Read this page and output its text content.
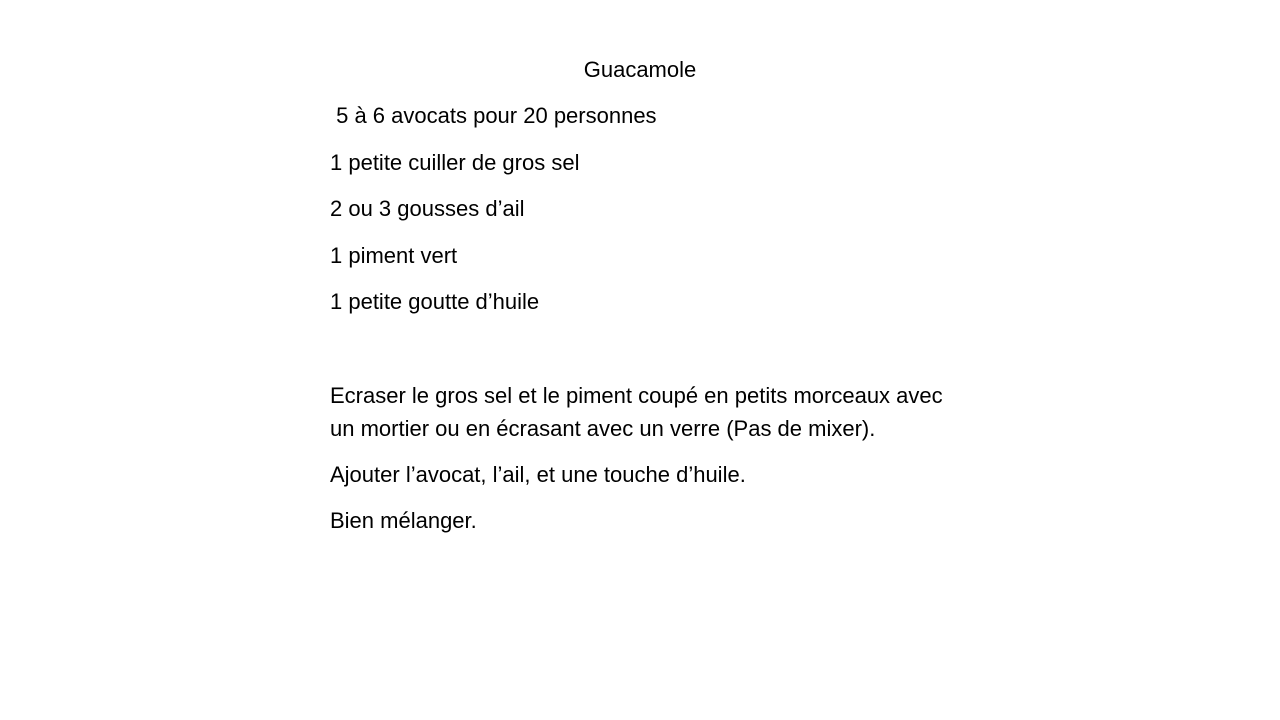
Guacamole
5 à 6 avocats pour 20 personnes
1 petite cuiller de gros sel
2 ou 3 gousses d’ail
1 piment vert
1 petite goutte d’huile

Ecraser le gros sel et le piment coupé en petits morceaux avec un mortier ou en écrasant avec un verre (Pas de mixer).

Ajouter l’avocat, l’ail, et une touche d’huile.

Bien mélanger.
